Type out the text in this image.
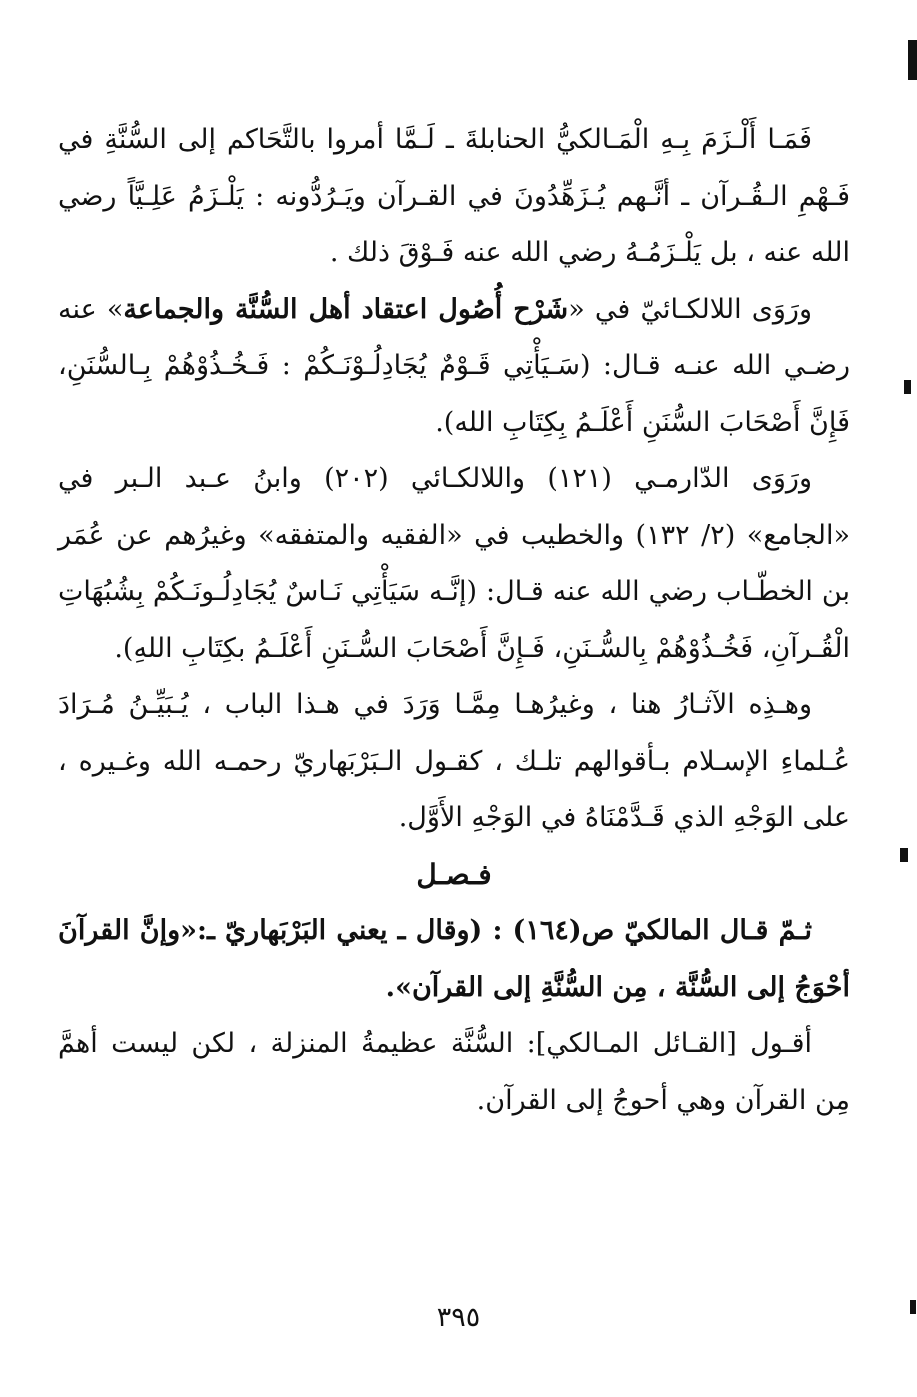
فَمَـا أَلْـزَمَ بِـهِ الْمَـالكيُّ الحنابلةَ ـ لَـمَّا أمروا بالتَّحَاكم إلى السُّنَّةِ في فَـهْمِ الـقُـرآن ـ أنَّـهم يُـزَهِّدُونَ في القـرآن ويَـرُدُّونه : يَلْـزَمُ عَلِـيَّاً رضي الله عنه ، بل يَلْـزَمُـهُ رضي الله عنه فَـوْقَ ذلك .

ورَوَى اللالكـائيّ في «شَرْح أُصُول اعتقاد أهل السُّنَّة والجماعة» عنه رضـي الله عنـه قـال: (سَـيَأْتِي قَـوْمٌ يُجَادِلُـوْنَـكُمْ : فَـخُـذُوْهُمْ بِـالسُّنَنِ، فَإِنَّ أَصْحَابَ السُّنَنِ أَعْلَـمُ بِكِتَابِ الله).

ورَوَى الدّارمـي (١٢١) واللالكـائي (٢٠٢) وابنُ عـبد الـبر في «الجامع» (٢/ ١٣٢) والخطيب في «الفقيه والمتفقه» وغيرُهم عن عُمَر بن الخطّـاب رضي الله عنه قـال: (إنَّـه سَيَأْتِي نَـاسٌ يُجَادِلُـونَـكُمْ بِشُبُهَاتِ الْقُـرآنِ، فَخُـذُوْهُمْ بِالسُّـنَنِ، فَـإِنَّ أَصْحَابَ السُّـنَنِ أَعْلَـمُ بكِتَابِ اللهِ).

وهـذِه الآثـارُ هنا ، وغيرُهـا مِمَّـا وَرَدَ في هـذا الباب ، يُـبَيِّـنُ مُـرَادَ عُـلماءِ الإسـلام بـأقوالهم تلـك ، كقـول الـبَرْبَهاريّ رحمـه الله وغـيره ، على الوَجْهِ الذي قَـدَّمْنَاهُ في الوَجْهِ الأَوَّل.

فـصـل

ثـمّ قـال المالكيّ ص(١٦٤) : (وقال ـ يعني البَرْبَهاريّ ـ:«وإنَّ القرآنَ أحْوَجُ إلى السُّنَّة ، مِن السُّنَّةِ إلى القرآن».

أقـول [القـائل المـالكي]: السُّنَّة عظيمةُ المنزلة ، لكن ليست أهمَّ مِن القرآن وهي أحوجُ إلى القرآن.

٣٩٥
